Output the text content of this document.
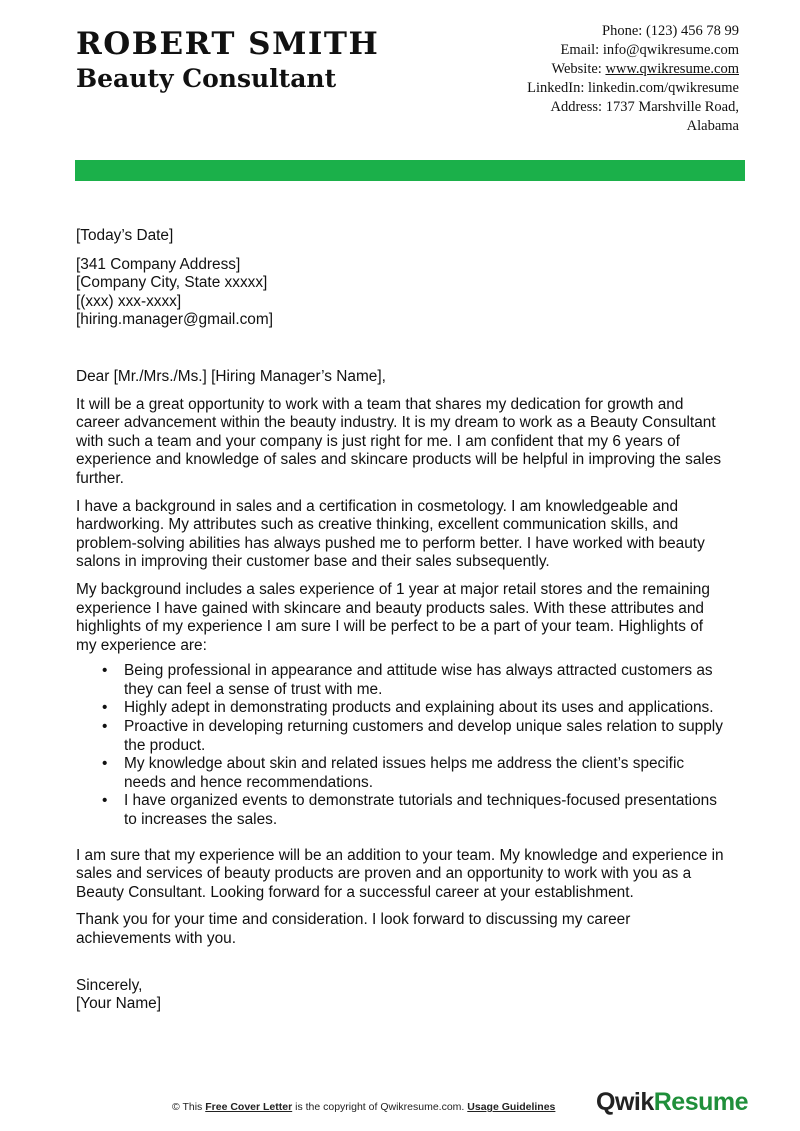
ROBERT SMITH
Beauty Consultant
Phone: (123) 456 78 99
Email: info@qwikresume.com
Website: www.qwikresume.com
LinkedIn: linkedin.com/qwikresume
Address: 1737 Marshville Road,
Alabama

[Today’s Date]

[341 Company Address]

[Company City, State xxxxx]

[(xxx) xxx-xxxx]

[hiring.manager@gmail.com]

Dear [Mr./Mrs./Ms.] [Hiring Manager’s Name],

It will be a great opportunity to work with a team that shares my dedication for growth and career advancement within the beauty industry. It is my dream to work as a Beauty Consultant with such a team and your company is just right for me. I am confident that my 6 years of experience and knowledge of sales and skincare products will be helpful in improving the sales further.

I have a background in sales and a certification in cosmetology. I am knowledgeable and hardworking. My attributes such as creative thinking, excellent communication skills, and problem-solving abilities has always pushed me to perform better. I have worked with beauty salons in improving their customer base and their sales subsequently.

My background includes a sales experience of 1 year at major retail stores and the remaining experience I have gained with skincare and beauty products sales. With these attributes and highlights of my experience I am sure I will be perfect to be a part of your team. Highlights of my experience are:

• Being professional in appearance and attitude wise has always attracted customers as they can feel a sense of trust with me.
• Highly adept in demonstrating products and explaining about its uses and applications.
• Proactive in developing returning customers and develop unique sales relation to supply the product.
• My knowledge about skin and related issues helps me address the client’s specific needs and hence recommendations.
• I have organized events to demonstrate tutorials and techniques-focused presentations to increases the sales.

I am sure that my experience will be an addition to your team. My knowledge and experience in sales and services of beauty products are proven and an opportunity to work with you as a Beauty Consultant. Looking forward for a successful career at your establishment.

Thank you for your time and consideration. I look forward to discussing my career achievements with you.

Sincerely,

[Your Name]

© This Free Cover Letter is the copyright of Qwikresume.com. Usage Guidelines QwikResume
